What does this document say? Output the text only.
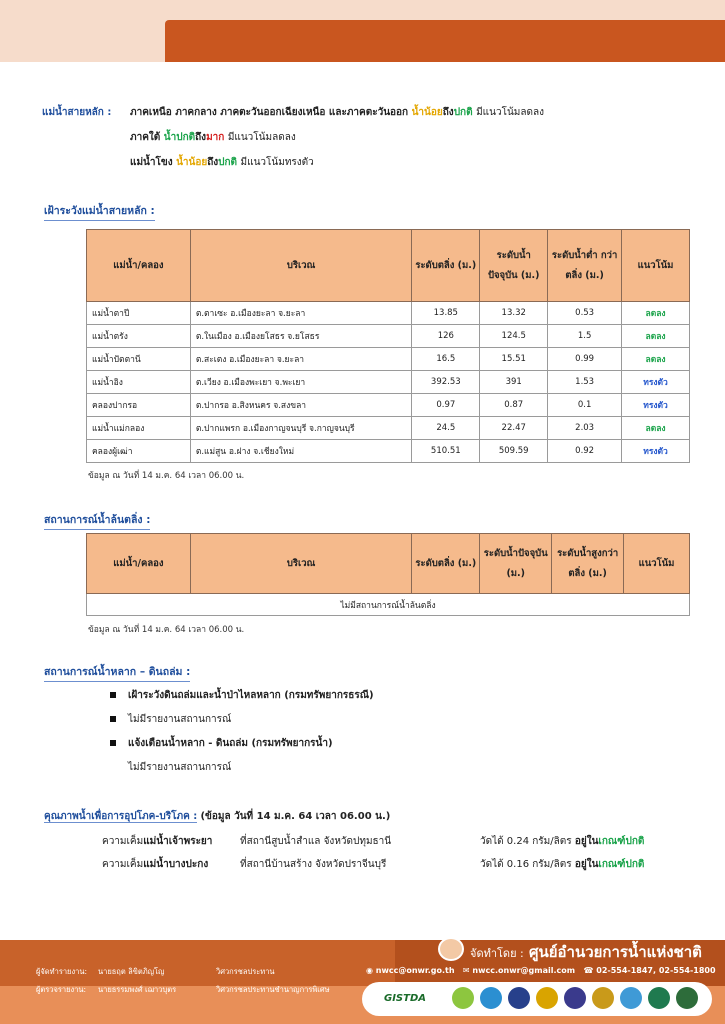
แม่น้ำสายหลัก :	ภาคเหนือ ภาคกลาง ภาคตะวันออกเฉียงเหนือ และภาคตะวันออก น้ำน้อยถึงปกติ มีแนวโน้มลดลง
ภาคใต้ น้ำปกติถึงมาก มีแนวโน้มลดลง
แม่น้ำโขง น้ำน้อยถึงปกติ มีแนวโน้มทรงตัว
เฝ้าระวังแม่น้ำสายหลัก :
แม่น้ำ/คลอง	บริเวณ	ระดับตลิ่ง (ม.)	ระดับน้ำ ปัจจุบัน (ม.)	ระดับน้ำต่ำ กว่าตลิ่ง (ม.)	แนวโน้ม
แม่น้ำตาปี	ต.ตาเซะ อ.เมืองยะลา จ.ยะลา	13.85	13.32	0.53	ลดลง
แม่น้ำตรัง	ต.ในเมือง อ.เมืองยโสธร จ.ยโสธร	126	124.5	1.5	ลดลง
แม่น้ำปัตตานี	ต.สะเตง อ.เมืองยะลา จ.ยะลา	16.5	15.51	0.99	ลดลง
แม่น้ำอิง	ต.เวียง อ.เมืองพะเยา จ.พะเยา	392.53	391	1.53	ทรงตัว
คลองปากรอ	ต.ปากรอ อ.สิงหนคร จ.สงขลา	0.97	0.87	0.1	ทรงตัว
แม่น้ำแม่กลอง	ต.ปากแพรก อ.เมืองกาญจนบุรี จ.กาญจนบุรี	24.5	22.47	2.03	ลดลง
คลองผู้เฒ่า	ต.แม่สูน อ.ฝาง จ.เชียงใหม่	510.51	509.59	0.92	ทรงตัว
ข้อมูล ณ วันที่ 14 ม.ค. 64 เวลา 06.00 น.
สถานการณ์น้ำล้นตลิ่ง :
แม่น้ำ/คลอง	บริเวณ	ระดับตลิ่ง (ม.)	ระดับน้ำปัจจุบัน (ม.)	ระดับน้ำสูงกว่า ตลิ่ง (ม.)	แนวโน้ม
ไม่มีสถานการณ์น้ำล้นตลิ่ง
ข้อมูล ณ วันที่ 14 ม.ค. 64 เวลา 06.00 น.
สถานการณ์น้ำหลาก – ดินถล่ม :
เฝ้าระวังดินถล่มและน้ำป่าไหลหลาก (กรมทรัพยากรธรณี)
ไม่มีรายงานสถานการณ์
แจ้งเตือนน้ำหลาก - ดินถล่ม (กรมทรัพยากรน้ำ)
ไม่มีรายงานสถานการณ์
คุณภาพน้ำเพื่อการอุปโภค-บริโภค : (ข้อมูล วันที่ 14 ม.ค. 64 เวลา 06.00 น.)
ความเค็มแม่น้ำเจ้าพระยา	ที่สถานีสูบน้ำสำแล จังหวัดปทุมธานี	วัดได้ 0.24 กรัม/ลิตร อยู่ในเกณฑ์ปกติ
ความเค็มแม่น้ำบางปะกง	ที่สถานีบ้านสร้าง จังหวัดปราจีนบุรี	วัดได้ 0.16 กรัม/ลิตร อยู่ในเกณฑ์ปกติ
จัดทำโดย : ศูนย์อำนวยการน้ำแห่งชาติ
◉ nwcc@onwr.go.th ✉ nwcc.onwr@gmail.com ☎ 02-554-1847, 02-554-1800
ผู้จัดทำรายงาน: นายธฤต ลิขิตภิญโญ	วิศวกรชลประทาน
ผู้ตรวจรายงาน: นายธรรมพงศ์ เฌาวบุตร	วิศวกรชลประทานชำนาญการพิเศษ
GISTDA
